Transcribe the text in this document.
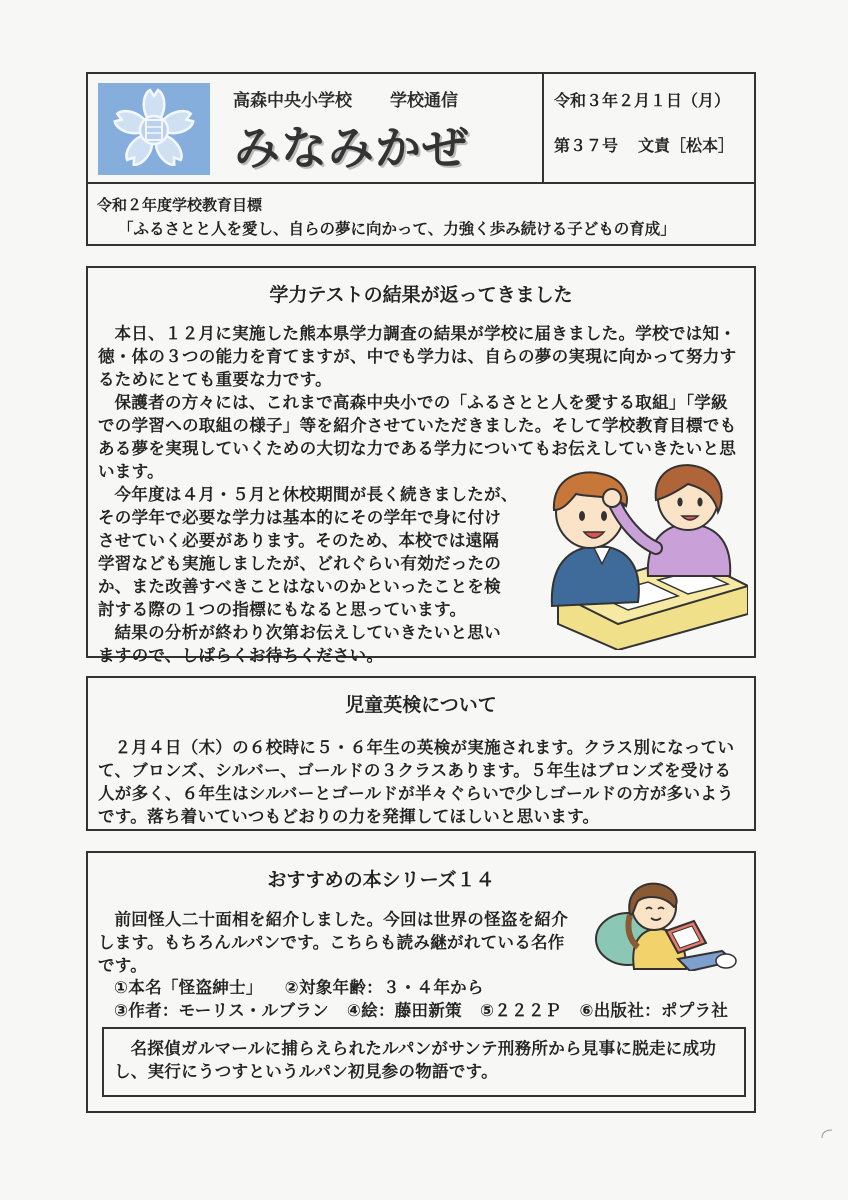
高森中央小学校 学校通信
みなみかぜ
令和３年２月１日（月）
第３７号 文責［松本］
令和２年度学校教育目標
「ふるさとと人を愛し、自らの夢に向かって、力強く歩み続ける子どもの育成」
学力テストの結果が返ってきました

本日、１２月に実施した熊本県学力調査の結果が学校に届きました。学校では知・

徳・体の３つの能力を育てますが、中でも学力は、自らの夢の実現に向かって努力す

るためにとても重要な力です。

保護者の方々には、これまで高森中央小での「ふるさとと人を愛する取組」「学級

での学習への取組の様子」等を紹介させていただきました。そして学校教育目標でも

ある夢を実現していくための大切な力である学力についてもお伝えしていきたいと思

います。

今年度は４月・５月と休校期間が長く続きましたが、

その学年で必要な学力は基本的にその学年で身に付け

させていく必要があります。そのため、本校では遠隔

学習なども実施しましたが、どれぐらい有効だったの

か、また改善すべきことはないのかといったことを検

討する際の１つの指標にもなると思っています。

結果の分析が終わり次第お伝えしていきたいと思い

ますので、しばらくお待ちください。

児童英検について

２月４日（木）の６校時に５・６年生の英検が実施されます。クラス別になってい

て、ブロンズ、シルバー、ゴールドの３クラスあります。５年生はブロンズを受ける

人が多く、６年生はシルバーとゴールドが半々ぐらいで少しゴールドの方が多いよう

です。落ち着いていつもどおりの力を発揮してほしいと思います。

おすすめの本シリーズ１４

前回怪人二十面相を紹介しました。今回は世界の怪盗を紹介

します。もちろんルパンです。こちらも読み継がれている名作

です。

①本名「怪盗紳士」 ②対象年齢：３・４年から
③作者：モーリス・ルブラン ④絵：藤田新策 ⑤２２２Ｐ ⑥出版社：ポプラ社

名探偵ガルマールに捕らえられたルパンがサンテ刑務所から見事に脱走に成功

し、実行にうつすというルパン初見参の物語です。
